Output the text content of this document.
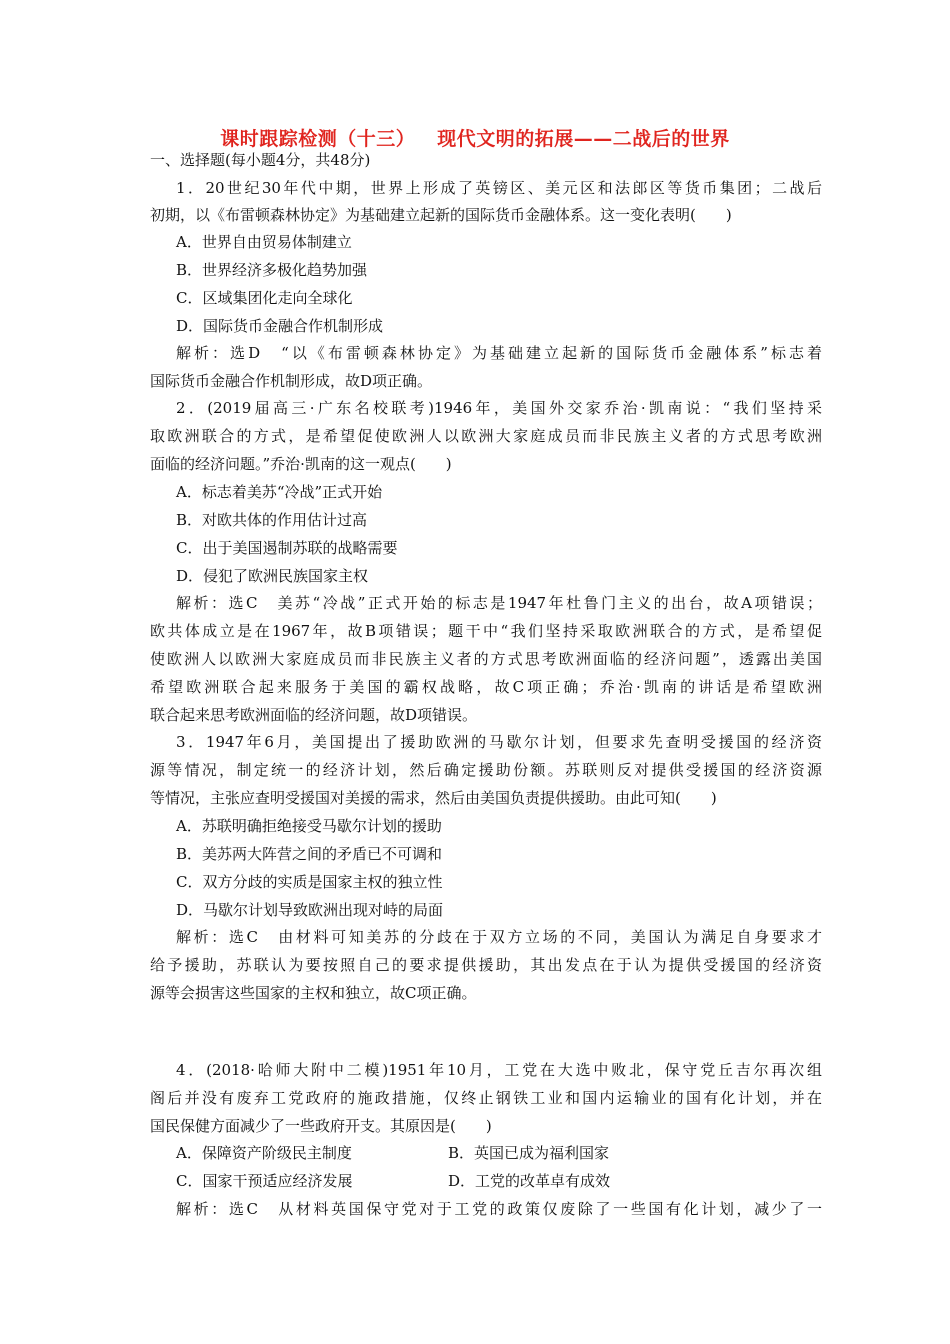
课时跟踪检测（十三） 现代文明的拓展——二战后的世界
一、选择题(每小题4分，共48分)
1．20世纪30年代中期，世界上形成了英镑区、美元区和法郎区等货币集团；二战后
初期，以《布雷顿森林协定》为基础建立起新的国际货币金融体系。这一变化表明(　　)
A．世界自由贸易体制建立
B．世界经济多极化趋势加强
C．区域集团化走向全球化
D．国际货币金融合作机制形成
解析：选D　“以《布雷顿森林协定》为基础建立起新的国际货币金融体系”标志着
国际货币金融合作机制形成，故D项正确。
2．(2019届高三·广东名校联考)1946年，美国外交家乔治·凯南说：“我们坚持采
取欧洲联合的方式，是希望促使欧洲人以欧洲大家庭成员而非民族主义者的方式思考欧洲
面临的经济问题。”乔治·凯南的这一观点(　　)
A．标志着美苏“冷战”正式开始
B．对欧共体的作用估计过高
C．出于美国遏制苏联的战略需要
D．侵犯了欧洲民族国家主权
解析：选C　美苏“冷战”正式开始的标志是1947年杜鲁门主义的出台，故A项错误；
欧共体成立是在1967年，故B项错误；题干中“我们坚持采取欧洲联合的方式，是希望促
使欧洲人以欧洲大家庭成员而非民族主义者的方式思考欧洲面临的经济问题”，透露出美国
希望欧洲联合起来服务于美国的霸权战略，故C项正确；乔治·凯南的讲话是希望欧洲
联合起来思考欧洲面临的经济问题，故D项错误。
3．1947年6月，美国提出了援助欧洲的马歇尔计划，但要求先查明受援国的经济资
源等情况，制定统一的经济计划，然后确定援助份额。苏联则反对提供受援国的经济资源
等情况，主张应查明受援国对美援的需求，然后由美国负责提供援助。由此可知(　　)
A．苏联明确拒绝接受马歇尔计划的援助
B．美苏两大阵营之间的矛盾已不可调和
C．双方分歧的实质是国家主权的独立性
D．马歇尔计划导致欧洲出现对峙的局面
解析：选C　由材料可知美苏的分歧在于双方立场的不同，美国认为满足自身要求才
给予援助，苏联认为要按照自己的要求提供援助，其出发点在于认为提供受援国的经济资
源等会损害这些国家的主权和独立，故C项正确。
4．(2018·哈师大附中二模)1951年10月，工党在大选中败北，保守党丘吉尔再次组
阁后并没有废弃工党政府的施政措施，仅终止钢铁工业和国内运输业的国有化计划，并在
国民保健方面减少了一些政府开支。其原因是(　　)
A．保障资产阶级民主制度	B．英国已成为福利国家
C．国家干预适应经济发展	D．工党的改革卓有成效
解析：选C　从材料英国保守党对于工党的政策仅废除了一些国有化计划，减少了一
